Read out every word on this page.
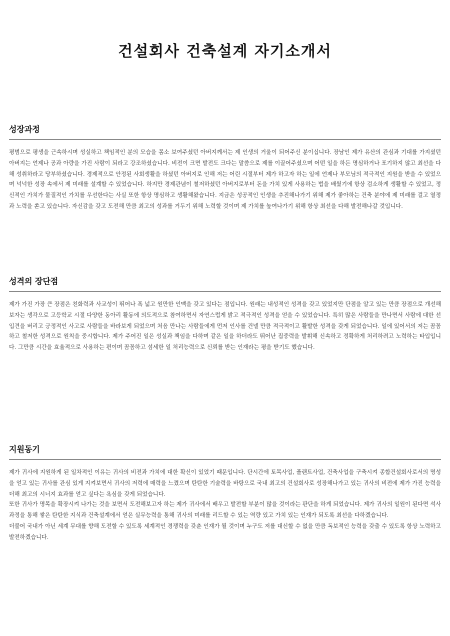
건설회사 건축설계 자기소개서

성장과정

평범으로 평생을 근속하시며 성실하고 책임적인 분의 모습을 몸소 보여주셨던 아버지께서는 제 인생의 거울이 되어주신 분이십니다. 장남인 제가 유산의 관심과 기대를 가지셨던 아버지는 언제나 공과 아량을 가진 사람이 되라고 강조하셨습니다. 비전이 크면 발전도 크다는 말씀으로 제를 이끌어주셨으며 어떤 일을 하든 명심하거나 포기하지 않고 최선을 다해 성취하라고 당부하셨습니다. 경제적으로 안정된 사회생활을 하셨던 아버지로 인해 저는 어린 시절부터 제가 하고자 하는 일에 언제나 부모님의 적극적인 지원을 받을 수 있었으며 넉넉한 성장 속에서 제 미래를 설계할 수 있었습니다. 하지만 경제관념이 철저하셨던 아버지로부터 돈을 가치 있게 사용하는 법을 배웠기에 항상 검소하게 생활할 수 있었고, 정신적인 가치가 물질적인 가치를 우선한다는 사실 또한 항상 명심하고 생활해왔습니다. 지금은 성공적인 인생을 추진해나가기 위해 제가 좋아하는 건축 분야에 제 미래를 걸고 열정과 노력을 쏟고 있습니다. 자신감을 갖고 도전해 만큼 최고의 성과를 거두기 위해 노력할 것이며 제 가치를 높여나가기 위해 항상 최선을 다해 발전해나갈 것입니다.

성격의 장단점

제가 가진 가장 큰 장점은 친화력과 사교성이 뛰어나 폭 넓고 원만한 인맥을 갖고 있다는 점입니다. 원래는 내성적인 성격을 갖고 있었지만 단점을 알고 있는 만큼 장점으로 개선해보자는 생각으로 고등학교 시절 다양한 동아리 활동에 의도적으로 참여하면서 자연스럽게 밝고 적극적인 성격을 얻을 수 있었습니다. 특히 많은 사람들을 만나면서 사람에 대한 선입견을 버리고 긍정적인 사고로 사람들을 바라보게 되었으며 처음 만나는 사람들에게 먼저 인사를 건넬 만큼 적극적이고 활발한 성격을 갖게 되었습니다. 일에 있어서의 저는 꼼꼼하고 철저한 성격으로 원칙을 중시합니다. 제가 주어진 일은 성실과 책임을 다하며 같은 일을 하더라도 뛰어난 집중력을 발휘해 신속하고 정확하게 처리하려고 노력하는 타입입니다. 그만큼 시간을 효율적으로 사용하는 편이며 꼼꼼하고 섬세한 일 처리능력으로 신뢰를 받는 인재라는 평을 받기도 했습니다.

지원동기

제가 귀사에 지원하게 된 일차적인 이유는 귀사의 비전과 가치에 대한 확신이 있었기 때문입니다. 단시간에 토목사업, 플랜트사업, 건축사업을 구축시켜 종합건설회사로서의 명성을 얻고 있는 귀사를 관심 있게 지켜보면서 귀사의 저력에 매력을 느꼈으며 탄탄한 기술력을 바탕으로 국내 최고의 건설회사로 성장해나가고 있는 귀사의 비전에 제가 가진 능력을 더해 최고의 시너지 효과를 얻고 싶다는 욕심을 갖게 되었습니다.

또한 귀사가 명목을 확장시켜 나가는 것을 보면서 도전해보고자 하는 제가 귀사에서 배우고 발전할 부분이 많을 것이라는 판단을 하게 되었습니다. 제가 귀사의 일원이 된다면 석사과정을 통해 쌓은 탄탄한 지식과 건축설계에서 얻은 실무능력을 통해 귀사의 미래를 리드할 수 있는 역량 있고 가치 있는 인재가 되도록 최선을 다하겠습니다.

더불어 국내가 아닌 세계 무대를 향해 도전할 수 있도록 세계적인 경쟁력을 갖춘 인재가 될 것이며 누구도 저를 대신할 수 없을 만큼 독보적인 능력을 갖출 수 있도록 항상 노력하고 발전하겠습니다.
